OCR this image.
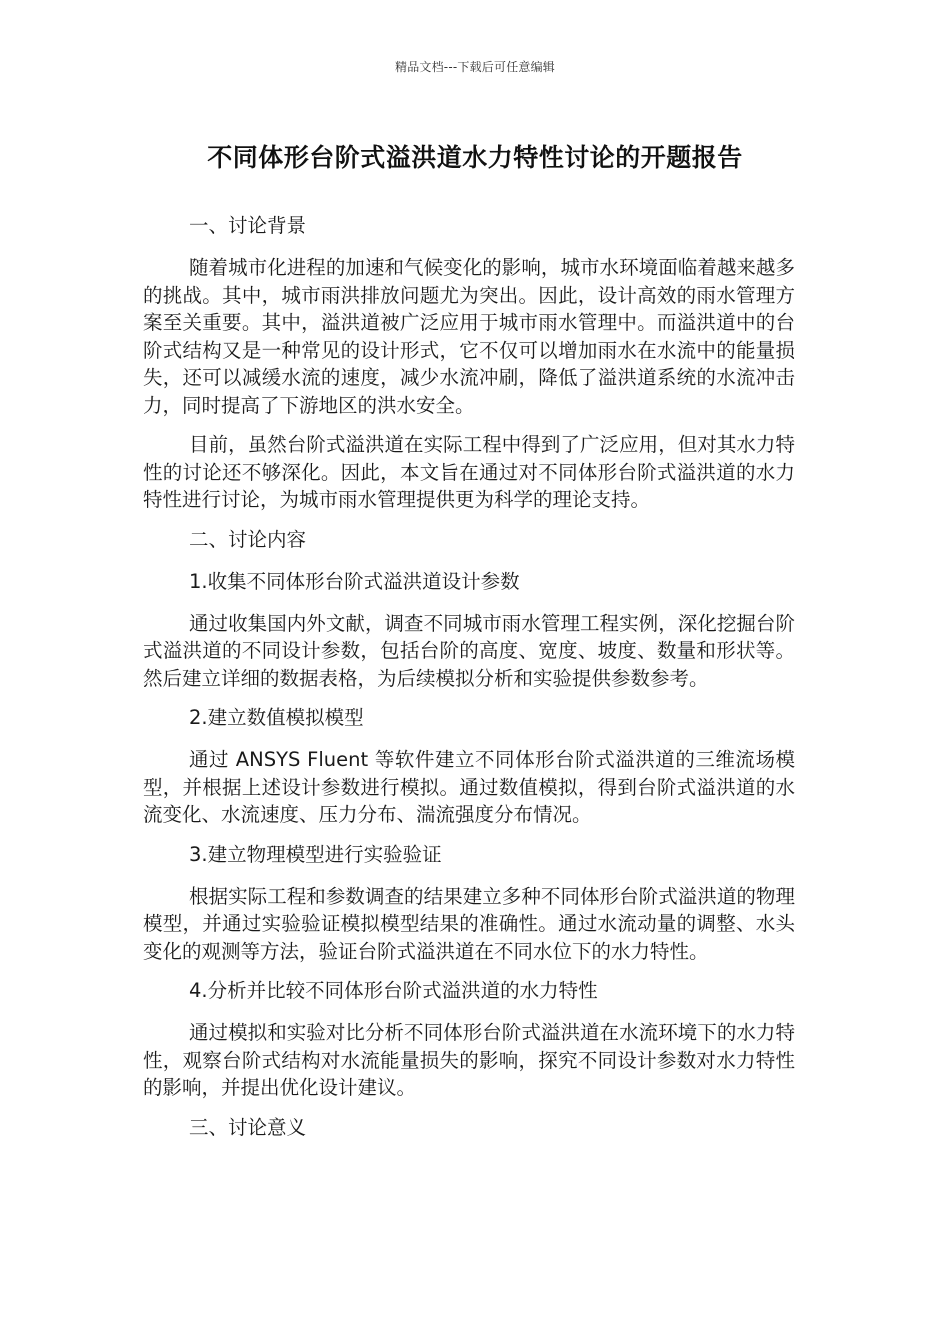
精品文档---下载后可任意编辑
不同体形台阶式溢洪道水力特性讨论的开题报告
一、讨论背景

随着城市化进程的加速和气候变化的影响，城市水环境面临着越来越多的挑战。其中，城市雨洪排放问题尤为突出。因此，设计高效的雨水管理方案至关重要。其中，溢洪道被广泛应用于城市雨水管理中。而溢洪道中的台阶式结构又是一种常见的设计形式，它不仅可以增加雨水在水流中的能量损失，还可以减缓水流的速度，减少水流冲刷，降低了溢洪道系统的水流冲击力，同时提高了下游地区的洪水安全。

目前，虽然台阶式溢洪道在实际工程中得到了广泛应用，但对其水力特性的讨论还不够深化。因此，本文旨在通过对不同体形台阶式溢洪道的水力特性进行讨论，为城市雨水管理提供更为科学的理论支持。

二、讨论内容
1.收集不同体形台阶式溢洪道设计参数

通过收集国内外文献，调查不同城市雨水管理工程实例，深化挖掘台阶式溢洪道的不同设计参数，包括台阶的高度、宽度、坡度、数量和形状等。然后建立详细的数据表格，为后续模拟分析和实验提供参数参考。

2.建立数值模拟模型

通过 ANSYS Fluent 等软件建立不同体形台阶式溢洪道的三维流场模型，并根据上述设计参数进行模拟。通过数值模拟，得到台阶式溢洪道的水流变化、水流速度、压力分布、湍流强度分布情况。

3.建立物理模型进行实验验证

根据实际工程和参数调查的结果建立多种不同体形台阶式溢洪道的物理模型，并通过实验验证模拟模型结果的准确性。通过水流动量的调整、水头变化的观测等方法，验证台阶式溢洪道在不同水位下的水力特性。

4.分析并比较不同体形台阶式溢洪道的水力特性

通过模拟和实验对比分析不同体形台阶式溢洪道在水流环境下的水力特性，观察台阶式结构对水流能量损失的影响，探究不同设计参数对水力特性的影响，并提出优化设计建议。

三、讨论意义
